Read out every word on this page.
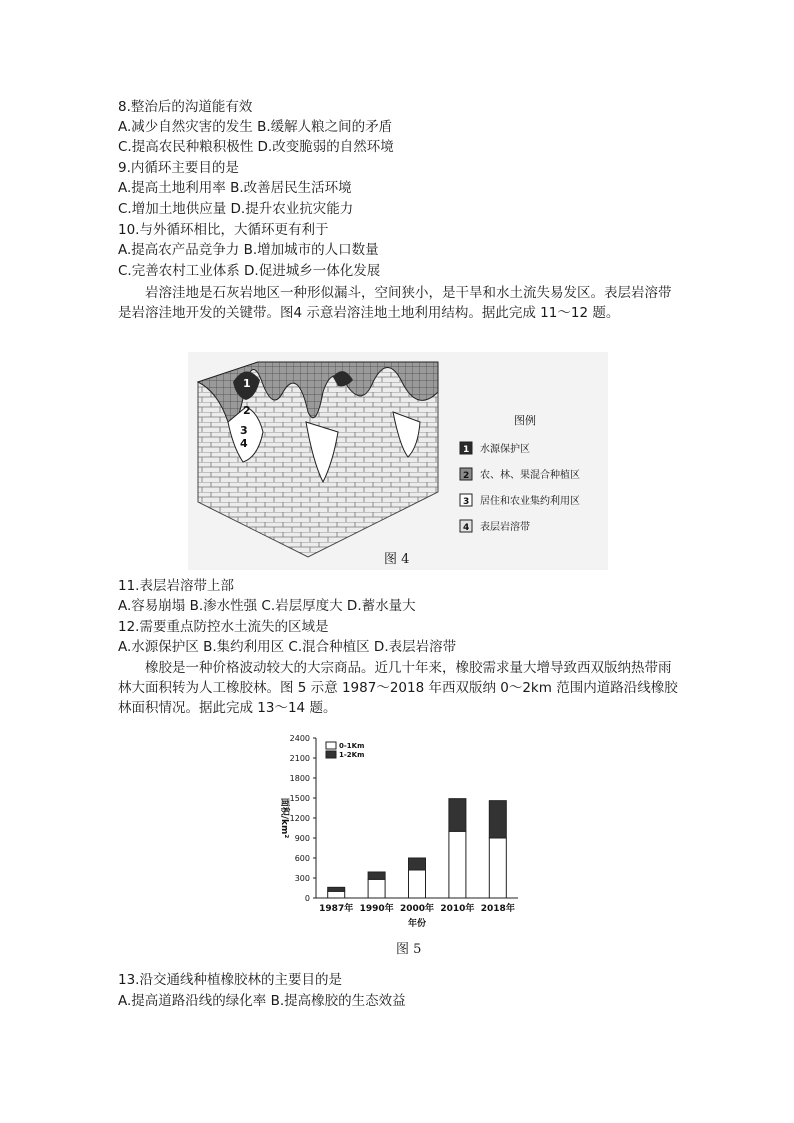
8.整治后的沟道能有效
A.减少自然灾害的发生 B.缓解人粮之间的矛盾
C.提高农民种粮积极性 D.改变脆弱的自然环境
9.内循环主要目的是
A.提高土地利用率 B.改善居民生活环境
C.增加土地供应量 D.提升农业抗灾能力
10.与外循环相比，大循环更有利于
A.提高农产品竞争力 B.增加城市的人口数量
C.完善农村工业体系 D.促进城乡一体化发展
岩溶洼地是石灰岩地区一种形似漏斗，空间狭小，是干旱和水土流失易发区。表层岩溶带是岩溶洼地开发的关键带。图4 示意岩溶洼地土地利用结构。据此完成 11～12 题。
1
2
3
4
图例
1 水源保护区
2 农、林、果混合种植区
3 居住和农业集约利用区
4 表层岩溶带
图 4
11.表层岩溶带上部
A.容易崩塌 B.渗水性强 C.岩层厚度大 D.蓄水量大
12.需要重点防控水土流失的区域是
A.水源保护区 B.集约利用区 C.混合种植区 D.表层岩溶带
橡胶是一种价格波动较大的大宗商品。近几十年来，橡胶需求量大增导致西双版纳热带雨林大面积转为人工橡胶林。图 5 示意 1987～2018 年西双版纳 0～2km 范围内道路沿线橡胶林面积情况。据此完成 13～14 题。
0
300
600
900
1200
1500
1800
2100
2400
面积/km²
1987年 1990年 2000年 2010年 2018年
年份
0-1Km
1-2Km
图 5
13.沿交通线种植橡胶林的主要目的是
A.提高道路沿线的绿化率 B.提高橡胶的生态效益
